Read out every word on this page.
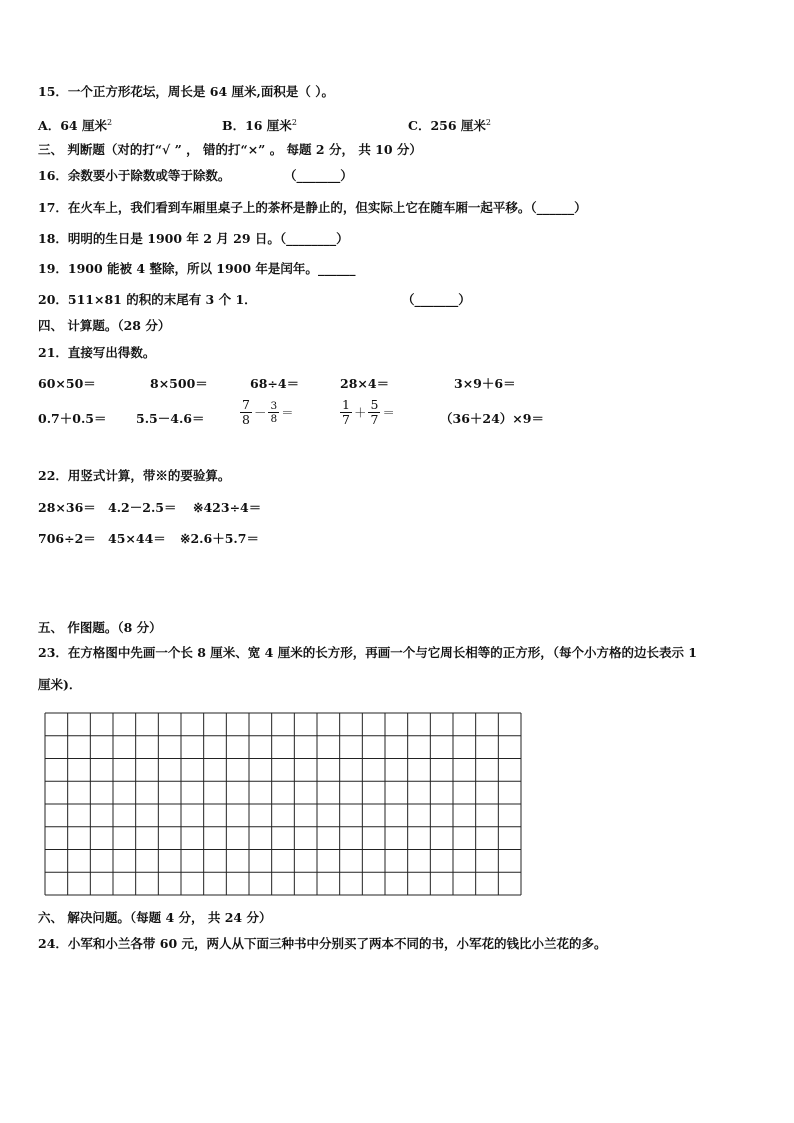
15．一个正方形花坛，周长是 64 厘米,面积是（ ）。
A．64 厘米$^2$	B．16 厘米$^2$	C．256 厘米$^2$
三、 判断题（对的打“√ ” ， 错的打“×” 。 每题 2 分， 共 10 分）
16．余数要小于除数或等于除数。	（_______）
17．在火车上，我们看到车厢里桌子上的茶杯是静止的，但实际上它在随车厢一起平移。（______）
18．明明的生日是 1900 年 2 月 29 日。（________）
19．1900 能被 4 整除，所以 1900 年是闰年。______
20．511×81 的积的末尾有 3 个 1．	（_______）
四、 计算题。（28 分）
21．直接写出得数。
60×50＝	8×500＝	68÷4＝	28×4＝	3×9＋6＝
0.7＋0.5＝ 5.5－4.6＝	$\frac{7}{8} - \frac{3}{8}$ ＝	$\frac{1}{7} + \frac{5}{7}$ ＝	（36＋24）×9＝
22．用竖式计算，带※的要验算。
28×36＝ 4.2－2.5＝ ※423÷4＝
706÷2＝ 45×44＝ ※2.6＋5.7＝
五、 作图题。（8 分）
23．在方格图中先画一个长 8 厘米、宽 4 厘米的长方形，再画一个与它周长相等的正方形，（每个小方格的边长表示 1
厘米)．
六、 解决问题。（每题 4 分， 共 24 分）
24．小军和小兰各带 60 元，两人从下面三种书中分别买了两本不同的书，小军花的钱比小兰花的多。
